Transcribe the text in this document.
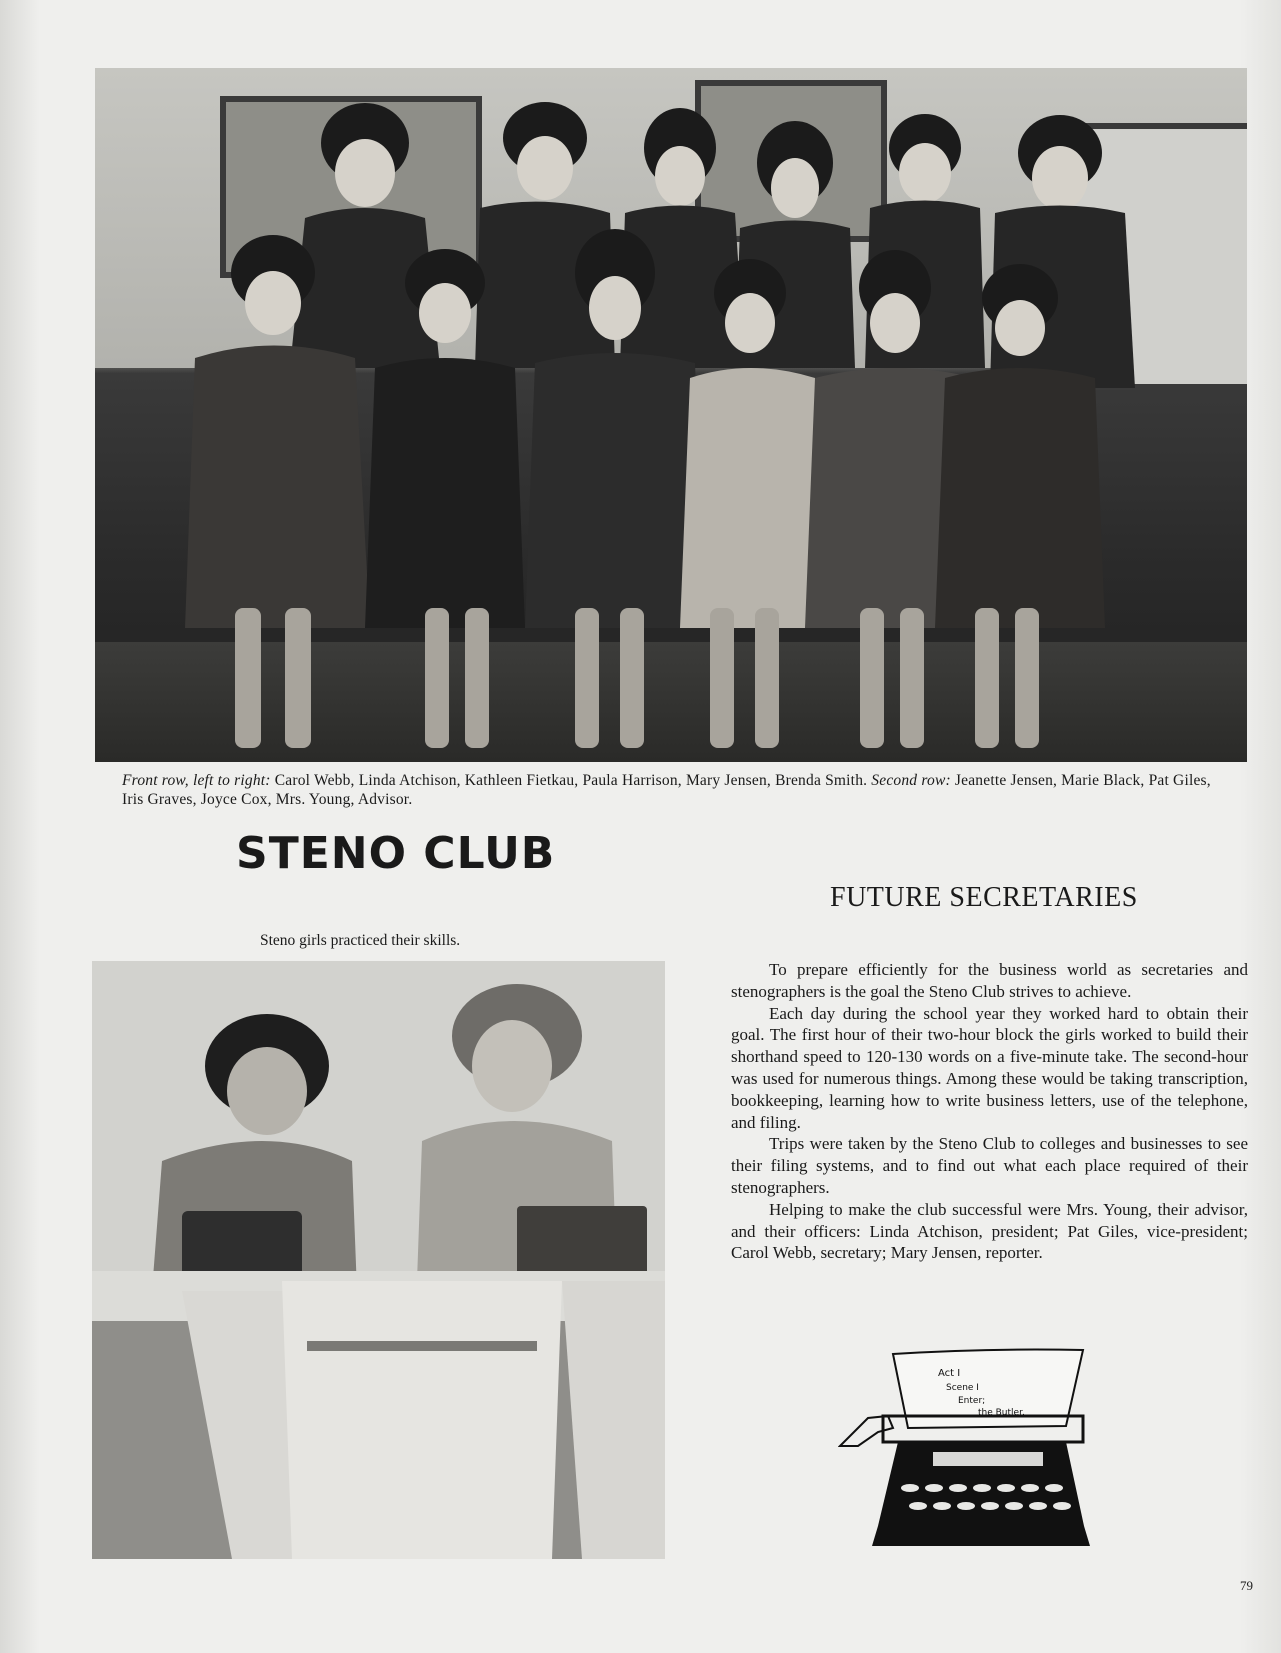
Front row, left to right: Carol Webb, Linda Atchison, Kathleen Fietkau, Paula Harrison, Mary Jensen, Brenda Smith. Second row: Jeanette Jensen, Marie Black, Pat Giles, Iris Graves, Joyce Cox, Mrs. Young, Advisor.
STENO CLUB
FUTURE SECRETARIES
Steno girls practiced their skills.

To prepare efficiently for the business world as secretaries and stenographers is the goal the Steno Club strives to achieve.

Each day during the school year they worked hard to obtain their goal. The first hour of their two-hour block the girls worked to build their shorthand speed to 120-130 words on a five-minute take. The second-hour was used for numerous things. Among these would be taking transcription, bookkeeping, learning how to write business letters, use of the telephone, and filing.

Trips were taken by the Steno Club to colleges and businesses to see their filing systems, and to find out what each place required of their stenographers.

Helping to make the club successful were Mrs. Young, their advisor, and their officers: Linda Atchison, president; Pat Giles, vice-president; Carol Webb, secretary; Mary Jensen, reporter.

Act I
Scene I
Enter;
the Butler.
79
